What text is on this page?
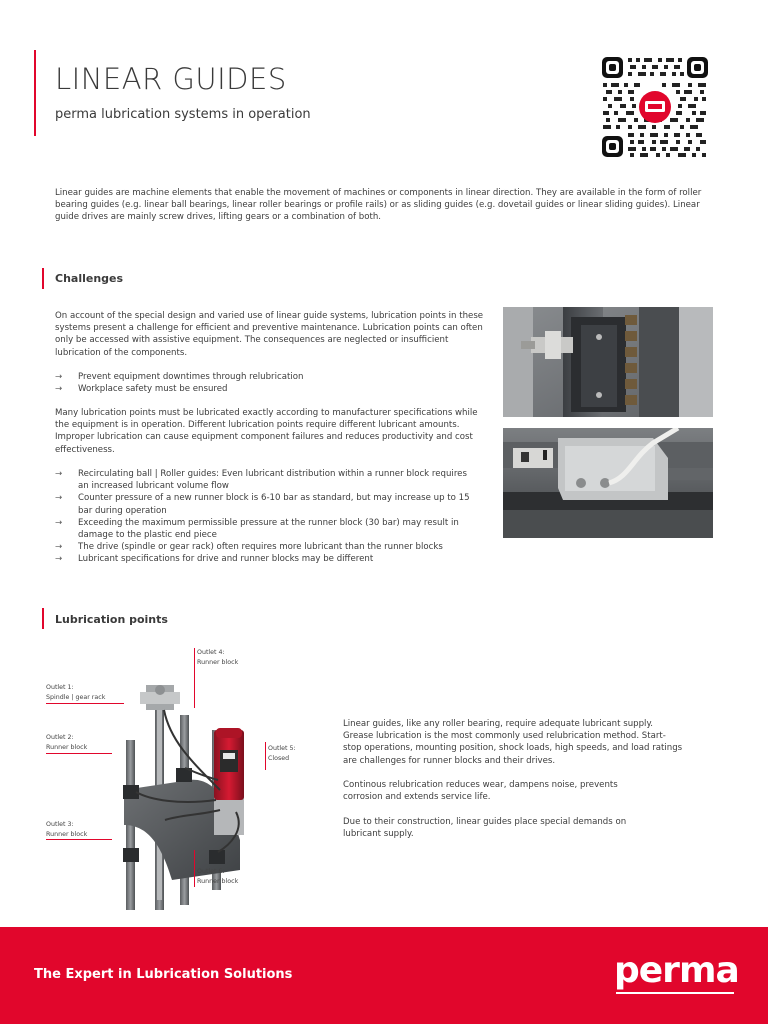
LINEAR GUIDES
perma lubrication systems in operation

Linear guides are machine elements that enable the movement of machines or components in linear direction. They are available in the form of roller bearing guides (e.g. linear ball bearings, linear roller bearings or profile rails) or as sliding guides (e.g. dovetail guides or linear sliding guides). Linear guide drives are mainly screw drives, lifting gears or a combination of both.

Challenges

On account of the special design and varied use of linear guide systems, lubrication points in these systems present a challenge for efficient and preventive maintenance. Lubrication points can often only be accessed with assistive equipment. The consequences are neglected or insufficient lubrication of the components.

→ Prevent equipment downtimes through relubrication
→ Workplace safety must be ensured

Many lubrication points must be lubricated exactly according to manufacturer specifications while the equipment is in operation. Different lubrication points require different lubricant amounts. Improper lubrication can cause equipment component failures and reduces productivity and cost effectiveness.

→ Recirculating ball | Roller guides: Even lubricant distribution within a runner block requires an increased lubricant volume flow
→ Counter pressure of a new runner block is 6-10 bar as standard, but may increase up to 15 bar during operation
→ Exceeding the maximum permissible pressure at the runner block (30 bar) may result in damage to the plastic end piece
→ The drive (spindle or gear rack) often requires more lubricant than the runner blocks
→ Lubricant specifications for drive and runner blocks may be different
Lubrication points
Outlet 1:
Spindle | gear rack
Outlet 2:
Runner block
Outlet 3:
Runner block
Outlet 4:
Runner block
Outlet 5:
Closed
Outlet 6:
Runner block

Linear guides, like any roller bearing, require adequate lubricant supply. Grease lubrication is the most commonly used relubrication method. Start-stop operations, mounting position, shock loads, high speeds, and load ratings are challenges for runner blocks and their drives.

Continous relubrication reduces wear, dampens noise, prevents corrosion and extends service life.

Due to their construction, linear guides place special demands on lubricant supply.

The Expert in Lubrication Solutions	perma
